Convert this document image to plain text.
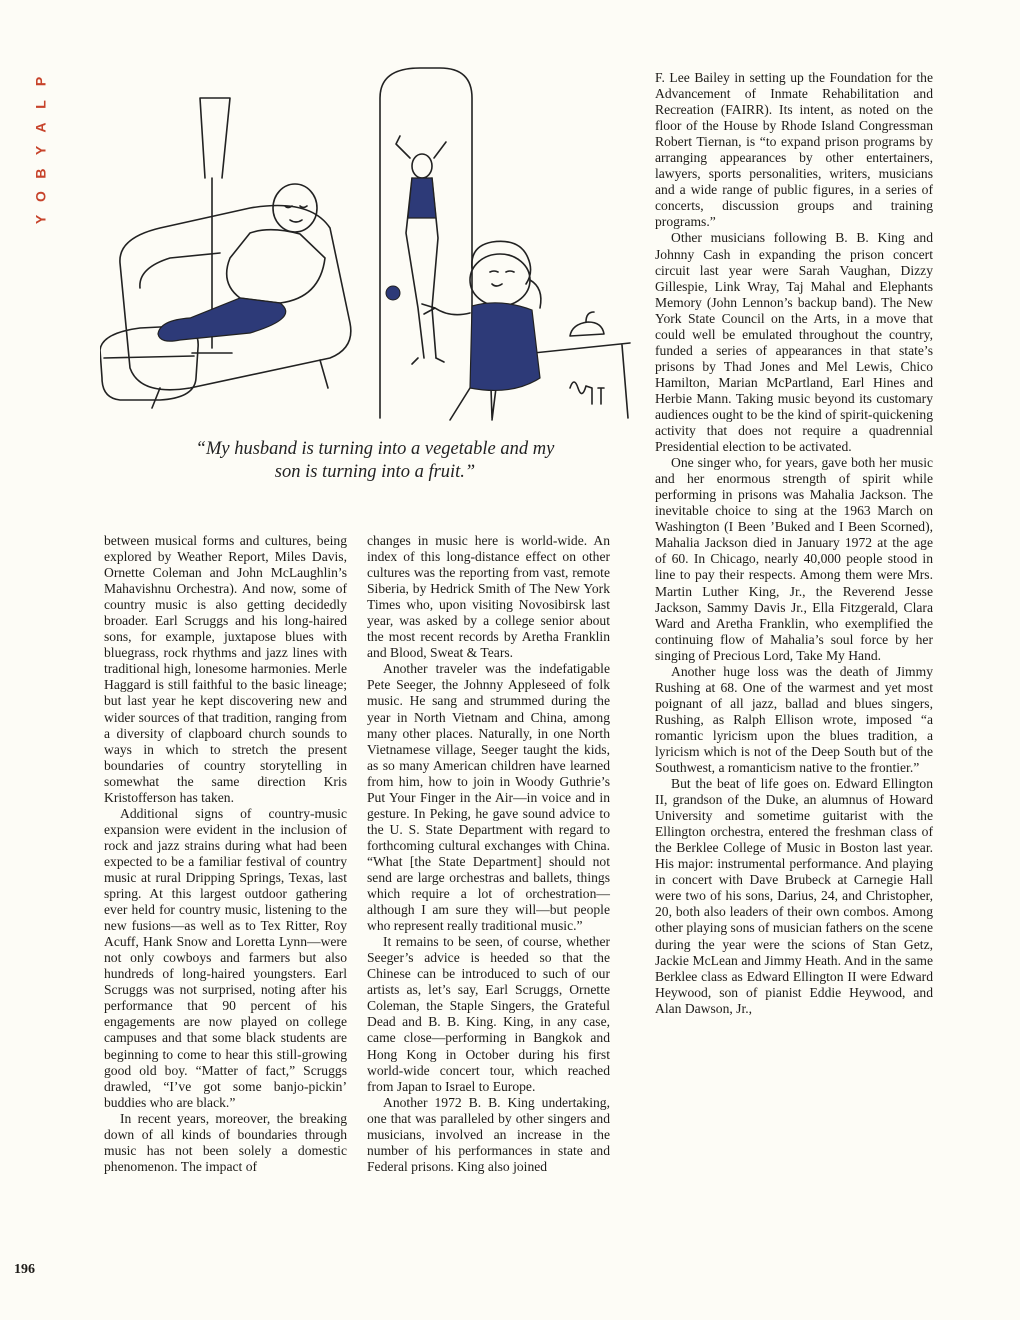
P
L
A
Y
B
O
Y
“My husband is turning into a vegetable and my
son is turning into a fruit.”

between musical forms and cultures, being explored by Weather Report, Miles Davis, Ornette Coleman and John McLaughlin’s Mahavishnu Orchestra). And now, some of country music is also getting decidedly broader. Earl Scruggs and his long-haired sons, for example, juxtapose blues with bluegrass, rock rhythms and jazz lines with traditional high, lonesome harmonies. Merle Haggard is still faithful to the basic lineage; but last year he kept discovering new and wider sources of that tradition, ranging from a diversity of clapboard church sounds to ways in which to stretch the present boundaries of country storytelling in somewhat the same direction Kris Kristofferson has taken.

Additional signs of country-music expansion were evident in the inclusion of rock and jazz strains during what had been expected to be a familiar festival of country music at rural Dripping Springs, Texas, last spring. At this largest outdoor gathering ever held for country music, listening to the new fusions—as well as to Tex Ritter, Roy Acuff, Hank Snow and Loretta Lynn—were not only cowboys and farmers but also hundreds of long-haired youngsters. Earl Scruggs was not surprised, noting after his performance that 90 percent of his engagements are now played on college campuses and that some black students are beginning to come to hear this still-growing good old boy. “Matter of fact,” Scruggs drawled, “I’ve got some banjo-pickin’ buddies who are black.”

In recent years, moreover, the breaking down of all kinds of boundaries through music has not been solely a domestic phenomenon. The impact of

changes in music here is world-wide. An index of this long-distance effect on other cultures was the reporting from vast, remote Siberia, by Hedrick Smith of The New York Times who, upon visiting Novosibirsk last year, was asked by a college senior about the most recent records by Aretha Franklin and Blood, Sweat & Tears.

Another traveler was the indefatigable Pete Seeger, the Johnny Appleseed of folk music. He sang and strummed during the year in North Vietnam and China, among many other places. Naturally, in one North Vietnamese village, Seeger taught the kids, as so many American children have learned from him, how to join in Woody Guthrie’s Put Your Finger in the Air—in voice and in gesture. In Peking, he gave sound advice to the U. S. State Department with regard to forthcoming cultural exchanges with China. “What [the State Department] should not send are large orchestras and ballets, things which require a lot of orchestration—although I am sure they will—but people who represent really traditional music.”

It remains to be seen, of course, whether Seeger’s advice is heeded so that the Chinese can be introduced to such of our artists as, let’s say, Earl Scruggs, Ornette Coleman, the Staple Singers, the Grateful Dead and B. B. King. King, in any case, came close—performing in Bangkok and Hong Kong in October during his first world-wide concert tour, which reached from Japan to Israel to Europe.

Another 1972 B. B. King undertaking, one that was paralleled by other singers and musicians, involved an increase in the number of his performances in state and Federal prisons. King also joined

F. Lee Bailey in setting up the Foundation for the Advancement of Inmate Rehabilitation and Recreation (FAIRR). Its intent, as noted on the floor of the House by Rhode Island Congressman Robert Tiernan, is “to expand prison programs by arranging appearances by other entertainers, lawyers, sports personalities, writers, musicians and a wide range of public figures, in a series of concerts, discussion groups and training programs.”

Other musicians following B. B. King and Johnny Cash in expanding the prison concert circuit last year were Sarah Vaughan, Dizzy Gillespie, Link Wray, Taj Mahal and Elephants Memory (John Lennon’s backup band). The New York State Council on the Arts, in a move that could well be emulated throughout the country, funded a series of appearances in that state’s prisons by Thad Jones and Mel Lewis, Chico Hamilton, Marian McPartland, Earl Hines and Herbie Mann. Taking music beyond its customary audiences ought to be the kind of spirit-quickening activity that does not require a quadrennial Presidential election to be activated.

One singer who, for years, gave both her music and her enormous strength of spirit while performing in prisons was Mahalia Jackson. The inevitable choice to sing at the 1963 March on Washington (I Been ’Buked and I Been Scorned), Mahalia Jackson died in January 1972 at the age of 60. In Chicago, nearly 40,000 people stood in line to pay their respects. Among them were Mrs. Martin Luther King, Jr., the Reverend Jesse Jackson, Sammy Davis Jr., Ella Fitzgerald, Clara Ward and Aretha Franklin, who exemplified the continuing flow of Mahalia’s soul force by her singing of Precious Lord, Take My Hand.

Another huge loss was the death of Jimmy Rushing at 68. One of the warmest and yet most poignant of all jazz, ballad and blues singers, Rushing, as Ralph Ellison wrote, imposed “a romantic lyricism upon the blues tradition, a lyricism which is not of the Deep South but of the Southwest, a romanticism native to the frontier.”

But the beat of life goes on. Edward Ellington II, grandson of the Duke, an alumnus of Howard University and sometime guitarist with the Ellington orchestra, entered the freshman class of the Berklee College of Music in Boston last year. His major: instrumental performance. And playing in concert with Dave Brubeck at Carnegie Hall were two of his sons, Darius, 24, and Christopher, 20, both also leaders of their own combos. Among other playing sons of musician fathers on the scene during the year were the scions of Stan Getz, Jackie McLean and Jimmy Heath. And in the same Berklee class as Edward Ellington II were Edward Heywood, son of pianist Eddie Heywood, and Alan Dawson, Jr.,

196
